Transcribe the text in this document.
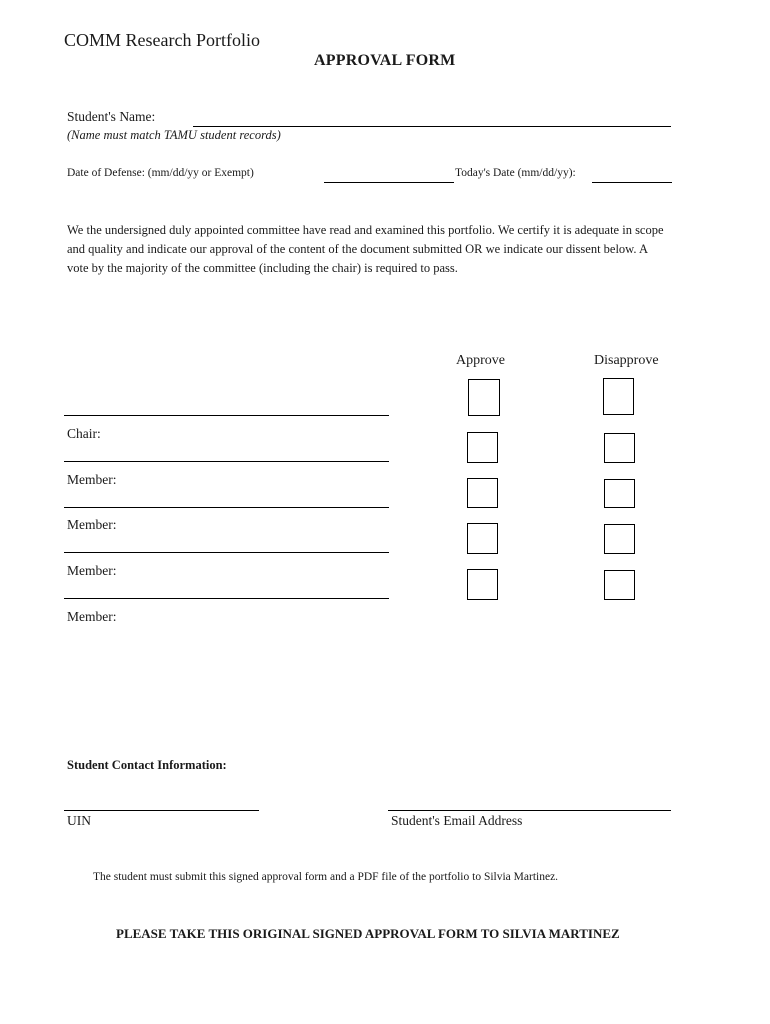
COMM Research Portfolio
APPROVAL FORM
Student's Name:
(Name must match TAMU student records)
Date of Defense: (mm/dd/yy or Exempt)	Today's Date (mm/dd/yy):
We the undersigned duly appointed committee have read and examined this portfolio. We certify it is adequate in scope and quality and indicate our approval of the content of the document submitted OR we indicate our dissent below. A vote by the majority of the committee (including the chair) is required to pass.
Approve	Disapprove
Chair:
Member:
Member:
Member:
Member:
Student Contact Information:
UIN	Student's Email Address
The student must submit this signed approval form and a PDF file of the portfolio to Silvia Martinez.
PLEASE TAKE THIS ORIGINAL SIGNED APPROVAL FORM TO SILVIA MARTINEZ
